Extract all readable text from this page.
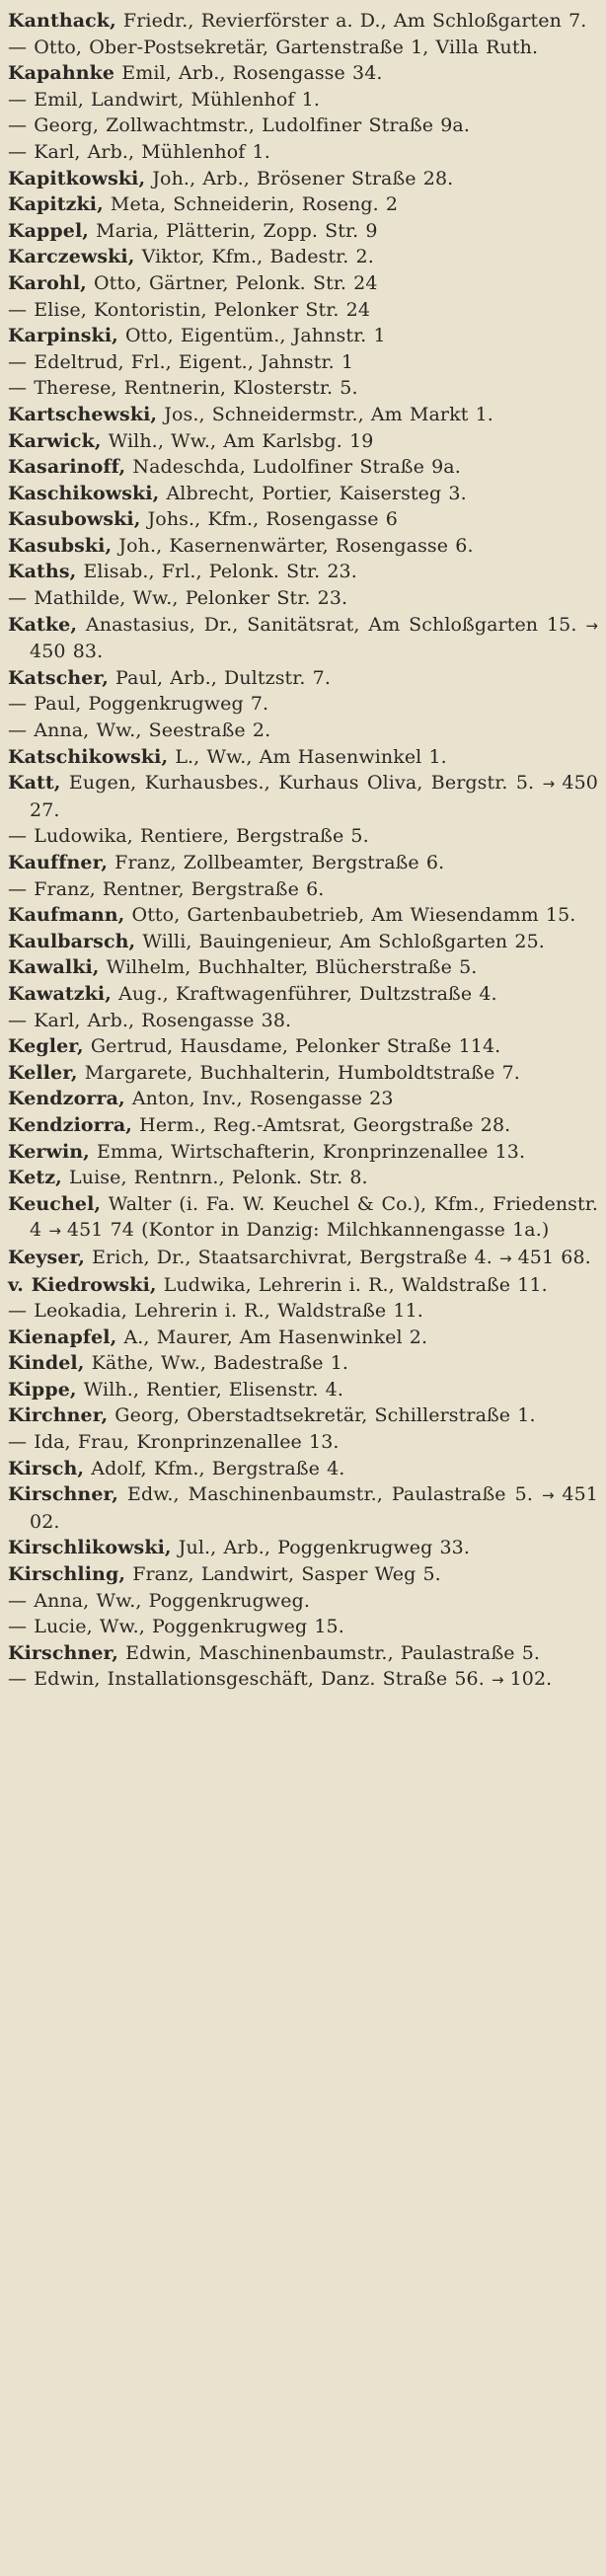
Kanthack, Friedr., Revierförster a. D., Am Schloßgarten 7.

— Otto, Ober-Postsekretär, Gartenstraße 1, Villa Ruth.

Kapahnke Emil, Arb., Rosengasse 34.

— Emil, Landwirt, Mühlenhof 1.

— Georg, Zollwachtmstr., Ludolfiner Straße 9a.

— Karl, Arb., Mühlenhof 1.

Kapitkowski, Joh., Arb., Brösener Straße 28.

Kapitzki, Meta, Schneiderin, Roseng. 2

Kappel, Maria, Plätterin, Zopp. Str. 9

Karczewski, Viktor, Kfm., Badestr. 2.

Karohl, Otto, Gärtner, Pelonk. Str. 24

— Elise, Kontoristin, Pelonker Str. 24

Karpinski, Otto, Eigentüm., Jahnstr. 1

— Edeltrud, Frl., Eigent., Jahnstr. 1

— Therese, Rentnerin, Klosterstr. 5.

Kartschewski, Jos., Schneidermstr., Am Markt 1.

Karwick, Wilh., Ww., Am Karlsbg. 19

Kasarinoff, Nadeschda, Ludolfiner Straße 9a.

Kaschikowski, Albrecht, Portier, Kaisersteg 3.

Kasubowski, Johs., Kfm., Rosengasse 6

Kasubski, Joh., Kasernenwärter, Rosengasse 6.

Kaths, Elisab., Frl., Pelonk. Str. 23.

— Mathilde, Ww., Pelonker Str. 23.

Katke, Anastasius, Dr., Sanitätsrat, Am Schloßgarten 15. → 450 83.

Katscher, Paul, Arb., Dultzstr. 7.

— Paul, Poggenkrugweg 7.

— Anna, Ww., Seestraße 2.

Katschikowski, L., Ww., Am Hasenwinkel 1.

Katt, Eugen, Kurhausbes., Kurhaus Oliva, Bergstr. 5. → 450 27.

— Ludowika, Rentiere, Bergstraße 5.

Kauffner, Franz, Zollbeamter, Bergstraße 6.

— Franz, Rentner, Bergstraße 6.

Kaufmann, Otto, Gartenbaubetrieb, Am Wiesendamm 15.

Kaulbarsch, Willi, Bauingenieur, Am Schloßgarten 25.

Kawalki, Wilhelm, Buchhalter, Blücherstraße 5.

Kawatzki, Aug., Kraftwagenführer, Dultzstraße 4.

— Karl, Arb., Rosengasse 38.

Kegler, Gertrud, Hausdame, Pelonker Straße 114.

Keller, Margarete, Buchhalterin, Humboldtstraße 7.

Kendzorra, Anton, Inv., Rosengasse 23

Kendziorra, Herm., Reg.-Amtsrat, Georgstraße 28.

Kerwin, Emma, Wirtschafterin, Kronprinzenallee 13.

Ketz, Luise, Rentnrn., Pelonk. Str. 8.

Keuchel, Walter (i. Fa. W. Keuchel & Co.), Kfm., Friedenstr. 4 → 451 74 (Kontor in Danzig: Milchkannengasse 1a.)

Keyser, Erich, Dr., Staatsarchivrat, Bergstraße 4. → 451 68.

v. Kiedrowski, Ludwika, Lehrerin i. R., Waldstraße 11.

— Leokadia, Lehrerin i. R., Waldstraße 11.

Kienapfel, A., Maurer, Am Hasenwinkel 2.

Kindel, Käthe, Ww., Badestraße 1.

Kippe, Wilh., Rentier, Elisenstr. 4.

Kirchner, Georg, Oberstadtsekretär, Schillerstraße 1.

— Ida, Frau, Kronprinzenallee 13.

Kirsch, Adolf, Kfm., Bergstraße 4.

Kirschner, Edw., Maschinenbaumstr., Paulastraße 5. → 451 02.

Kirschlikowski, Jul., Arb., Poggenkrugweg 33.

Kirschling, Franz, Landwirt, Sasper Weg 5.

— Anna, Ww., Poggenkrugweg.

— Lucie, Ww., Poggenkrugweg 15.

Kirschner, Edwin, Maschinenbaumstr., Paulastraße 5.

— Edwin, Installationsgeschäft, Danz. Straße 56. → 102.
